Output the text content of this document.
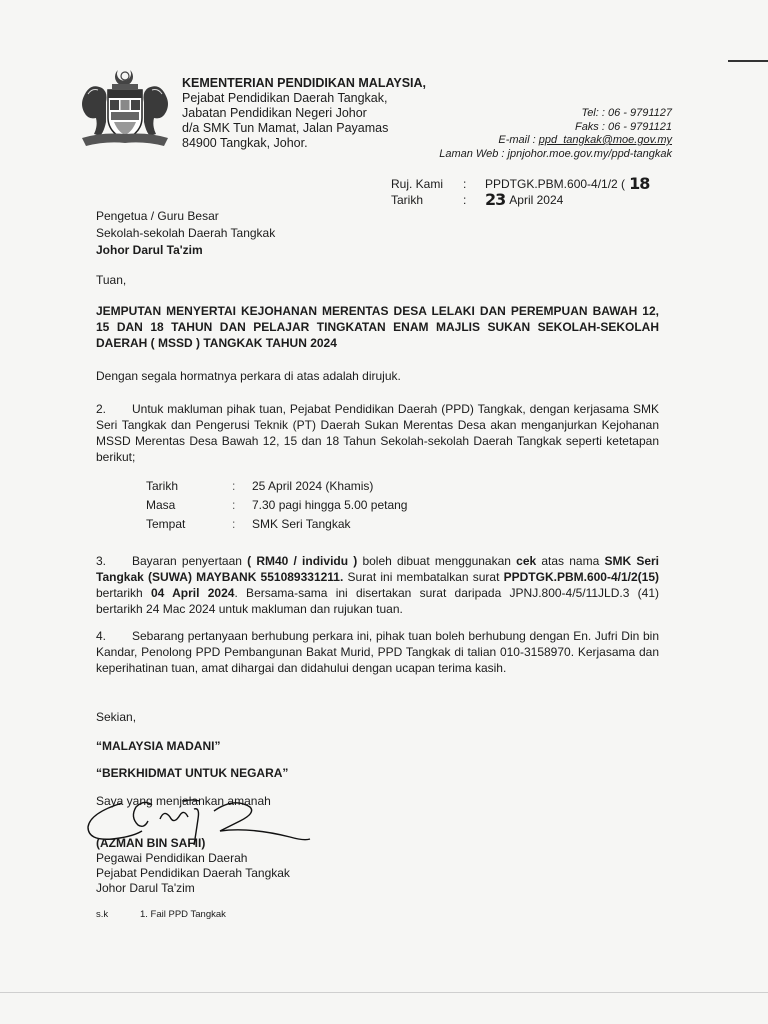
KEMENTERIAN PENDIDIKAN MALAYSIA,
Pejabat Pendidikan Daerah Tangkak,
Jabatan Pendidikan Negeri Johor
d/a SMK Tun Mamat, Jalan Payamas
84900 Tangkak, Johor.
Tel: : 06 - 9791127
Faks : 06 - 9791121
E-mail : ppd_tangkak@moe.gov.my
Laman Web : jpnjohor.moe.gov.my/ppd-tangkak
Ruj. Kami	:	PPDTGK.PBM.600-4/1/2 ( 18
Tarikh	:	23 April 2024
Pengetua / Guru Besar
Sekolah-sekolah Daerah Tangkak
Johor Darul Ta'zim
Tuan,
JEMPUTAN MENYERTAI KEJOHANAN MERENTAS DESA LELAKI DAN PEREMPUAN BAWAH 12, 15 DAN 18 TAHUN DAN PELAJAR TINGKATAN ENAM MAJLIS SUKAN SEKOLAH-SEKOLAH DAERAH ( MSSD ) TANGKAK TAHUN 2024
Dengan segala hormatnya perkara di atas adalah dirujuk.
2. Untuk makluman pihak tuan, Pejabat Pendidikan Daerah (PPD) Tangkak, dengan kerjasama SMK Seri Tangkak dan Pengerusi Teknik (PT) Daerah Sukan Merentas Desa akan menganjurkan Kejohanan MSSD Merentas Desa Bawah 12, 15 dan 18 Tahun Sekolah-sekolah Daerah Tangkak seperti ketetapan berikut;
Tarikh	:	25 April 2024 (Khamis)
Masa	:	7.30 pagi hingga 5.00 petang
Tempat	:	SMK Seri Tangkak
3. Bayaran penyertaan ( RM40 / individu ) boleh dibuat menggunakan cek atas nama SMK Seri Tangkak (SUWA) MAYBANK 551089331211. Surat ini membatalkan surat PPDTGK.PBM.600-4/1/2(15) bertarikh 04 April 2024. Bersama-sama ini disertakan surat daripada JPNJ.800-4/5/11JLD.3 (41) bertarikh 24 Mac 2024 untuk makluman dan rujukan tuan.
4. Sebarang pertanyaan berhubung perkara ini, pihak tuan boleh berhubung dengan En. Jufri Din bin Kandar, Penolong PPD Pembangunan Bakat Murid, PPD Tangkak di talian 010-3158970. Kerjasama dan keperihatinan tuan, amat dihargai dan didahului dengan ucapan terima kasih.
Sekian,
“MALAYSIA MADANI”
“BERKHIDMAT UNTUK NEGARA”
Saya yang menjalankan amanah
(AZMAN BIN SAFII)
Pegawai Pendidikan Daerah
Pejabat Pendidikan Daerah Tangkak
Johor Darul Ta'zim
s.k	1. Fail PPD Tangkak
